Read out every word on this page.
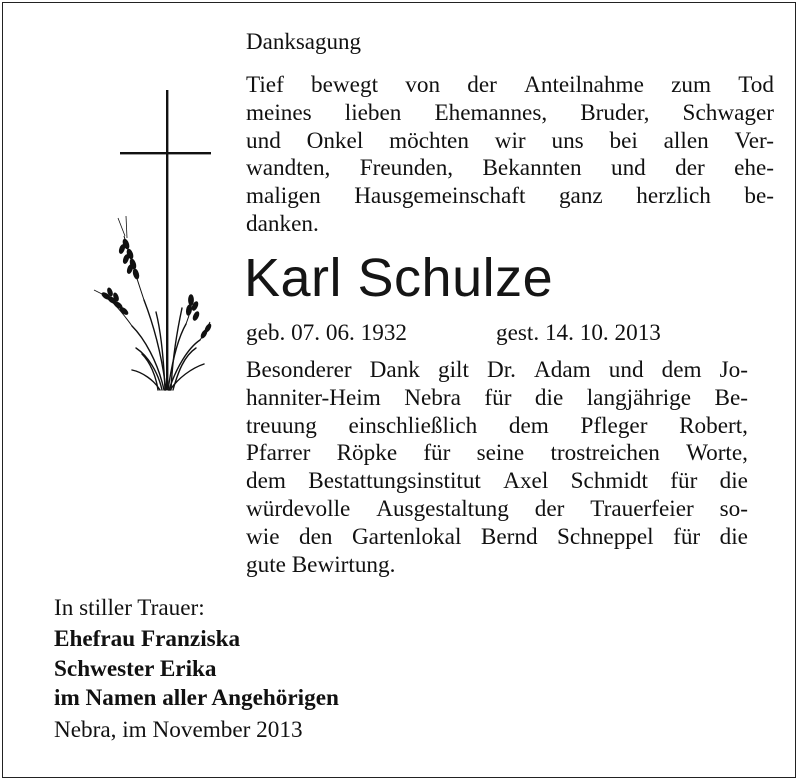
Danksagung
Tief bewegt von der Anteilnahme zum Tod
meines lieben Ehemannes, Bruder, Schwager
und Onkel möchten wir uns bei allen Ver-
wandten, Freunden, Bekannten und der ehe-
maligen Hausgemeinschaft ganz herzlich be-
danken.
Karl Schulze
geb. 07. 06. 1932	gest. 14. 10. 2013
Besonderer Dank gilt Dr. Adam und dem Jo-
hanniter-Heim Nebra für die langjährige Be-
treuung einschließlich dem Pfleger Robert,
Pfarrer Röpke für seine trostreichen Worte,
dem Bestattungsinstitut Axel Schmidt für die
würdevolle Ausgestaltung der Trauerfeier so-
wie den Gartenlokal Bernd Schneppel für die
gute Bewirtung.
In stiller Trauer:
Ehefrau Franziska
Schwester Erika
im Namen aller Angehörigen
Nebra, im November 2013
